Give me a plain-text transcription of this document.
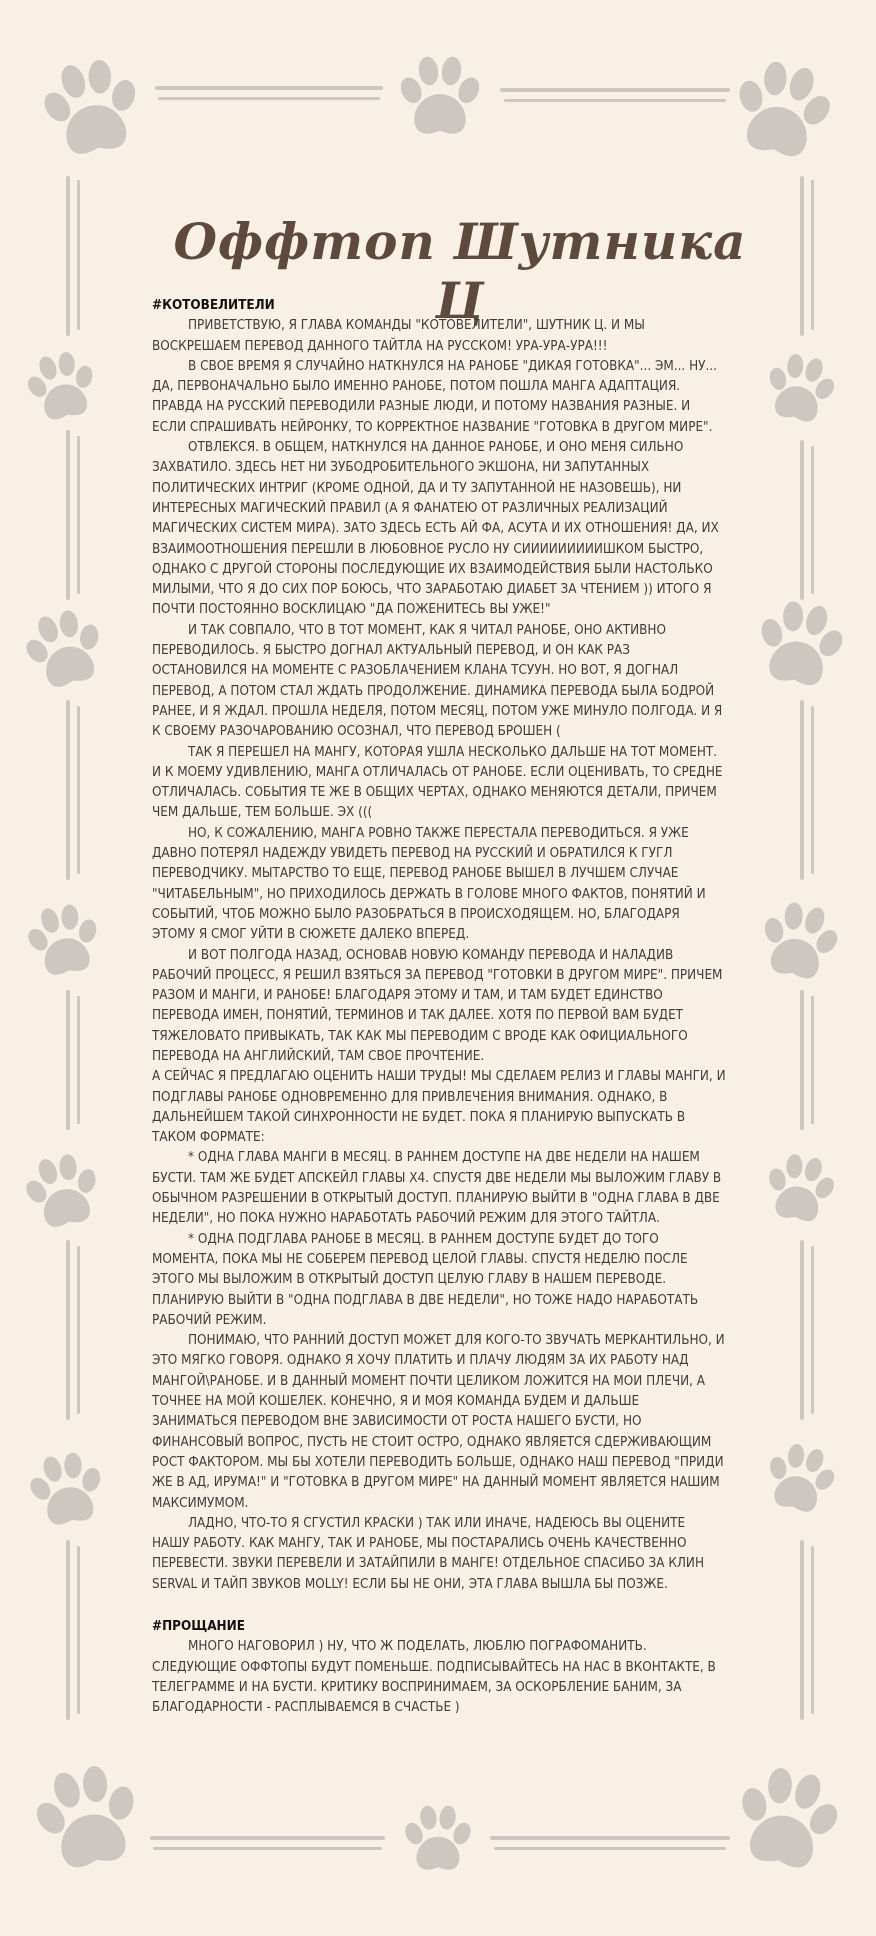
Оффтоп Шутника Ц
#КОТОВЕЛИТЕЛИ

ПРИВЕТСТВУЮ, Я ГЛАВА КОМАНДЫ "КОТОВЕЛИТЕЛИ", ШУТНИК Ц. И МЫ ВОСКРЕШАЕМ ПЕРЕВОД ДАННОГО ТАЙТЛА НА РУССКОМ! УРА-УРА-УРА!!!

В СВОЕ ВРЕМЯ Я СЛУЧАЙНО НАТКНУЛСЯ НА РАНОБЕ "ДИКАЯ ГОТОВКА"... ЭМ... НУ... ДА, ПЕРВОНАЧАЛЬНО БЫЛО ИМЕННО РАНОБЕ, ПОТОМ ПОШЛА МАНГА АДАПТАЦИЯ. ПРАВДА НА РУССКИЙ ПЕРЕВОДИЛИ РАЗНЫЕ ЛЮДИ, И ПОТОМУ НАЗВАНИЯ РАЗНЫЕ. И ЕСЛИ СПРАШИВАТЬ НЕЙРОНКУ, ТО КОРРЕКТНОЕ НАЗВАНИЕ "ГОТОВКА В ДРУГОМ МИРЕ".

ОТВЛЕКСЯ. В ОБЩЕМ, НАТКНУЛСЯ НА ДАННОЕ РАНОБЕ, И ОНО МЕНЯ СИЛЬНО ЗАХВАТИЛО. ЗДЕСЬ НЕТ НИ ЗУБОДРОБИТЕЛЬНОГО ЭКШОНА, НИ ЗАПУТАННЫХ ПОЛИТИЧЕСКИХ ИНТРИГ (КРОМЕ ОДНОЙ, ДА И ТУ ЗАПУТАННОЙ НЕ НАЗОВЕШЬ), НИ ИНТЕРЕСНЫХ МАГИЧЕСКИЙ ПРАВИЛ (А Я ФАНАТЕЮ ОТ РАЗЛИЧНЫХ РЕАЛИЗАЦИЙ МАГИЧЕСКИХ СИСТЕМ МИРА). ЗАТО ЗДЕСЬ ЕСТЬ АЙ ФА, АСУТА И ИХ ОТНОШЕНИЯ! ДА, ИХ ВЗАИМООТНОШЕНИЯ ПЕРЕШЛИ В ЛЮБОВНОЕ РУСЛО НУ СИИИИИИИИИШКОМ БЫСТРО, ОДНАКО С ДРУГОЙ СТОРОНЫ ПОСЛЕДУЮЩИЕ ИХ ВЗАИМОДЕЙСТВИЯ БЫЛИ НАСТОЛЬКО МИЛЫМИ, ЧТО Я ДО СИХ ПОР БОЮСЬ, ЧТО ЗАРАБОТАЮ ДИАБЕТ ЗА ЧТЕНИЕМ )) ИТОГО Я ПОЧТИ ПОСТОЯННО ВОСКЛИЦАЮ "ДА ПОЖЕНИТЕСЬ ВЫ УЖЕ!"

И ТАК СОВПАЛО, ЧТО В ТОТ МОМЕНТ, КАК Я ЧИТАЛ РАНОБЕ, ОНО АКТИВНО ПЕРЕВОДИЛОСЬ. Я БЫСТРО ДОГНАЛ АКТУАЛЬНЫЙ ПЕРЕВОД, И ОН КАК РАЗ ОСТАНОВИЛСЯ НА МОМЕНТЕ С РАЗОБЛАЧЕНИЕМ КЛАНА ТСУУН. НО ВОТ, Я ДОГНАЛ ПЕРЕВОД, А ПОТОМ СТАЛ ЖДАТЬ ПРОДОЛЖЕНИЕ. ДИНАМИКА ПЕРЕВОДА БЫЛА БОДРОЙ РАНЕЕ, И Я ЖДАЛ. ПРОШЛА НЕДЕЛЯ, ПОТОМ МЕСЯЦ, ПОТОМ УЖЕ МИНУЛО ПОЛГОДА. И Я К СВОЕМУ РАЗОЧАРОВАНИЮ ОСОЗНАЛ, ЧТО ПЕРЕВОД БРОШЕН (

ТАК Я ПЕРЕШЕЛ НА МАНГУ, КОТОРАЯ УШЛА НЕСКОЛЬКО ДАЛЬШЕ НА ТОТ МОМЕНТ. И К МОЕМУ УДИВЛЕНИЮ, МАНГА ОТЛИЧАЛАСЬ ОТ РАНОБЕ. ЕСЛИ ОЦЕНИВАТЬ, ТО СРЕДНЕ ОТЛИЧАЛАСЬ. СОБЫТИЯ ТЕ ЖЕ В ОБЩИХ ЧЕРТАХ, ОДНАКО МЕНЯЮТСЯ ДЕТАЛИ, ПРИЧЕМ ЧЕМ ДАЛЬШЕ, ТЕМ БОЛЬШЕ. ЭХ (((

НО, К СОЖАЛЕНИЮ, МАНГА РОВНО ТАКЖЕ ПЕРЕСТАЛА ПЕРЕВОДИТЬСЯ. Я УЖЕ ДАВНО ПОТЕРЯЛ НАДЕЖДУ УВИДЕТЬ ПЕРЕВОД НА РУССКИЙ И ОБРАТИЛСЯ К ГУГЛ ПЕРЕВОДЧИКУ. МЫТАРСТВО ТО ЕЩЕ, ПЕРЕВОД РАНОБЕ ВЫШЕЛ В ЛУЧШЕМ СЛУЧАЕ "ЧИТАБЕЛЬНЫМ", НО ПРИХОДИЛОСЬ ДЕРЖАТЬ В ГОЛОВЕ МНОГО ФАКТОВ, ПОНЯТИЙ И СОБЫТИЙ, ЧТОБ МОЖНО БЫЛО РАЗОБРАТЬСЯ В ПРОИСХОДЯЩЕМ. НО, БЛАГОДАРЯ ЭТОМУ Я СМОГ УЙТИ В СЮЖЕТЕ ДАЛЕКО ВПЕРЕД.

И ВОТ ПОЛГОДА НАЗАД, ОСНОВАВ НОВУЮ КОМАНДУ ПЕРЕВОДА И НАЛАДИВ РАБОЧИЙ ПРОЦЕСС, Я РЕШИЛ ВЗЯТЬСЯ ЗА ПЕРЕВОД "ГОТОВКИ В ДРУГОМ МИРЕ". ПРИЧЕМ РАЗОМ И МАНГИ, И РАНОБЕ! БЛАГОДАРЯ ЭТОМУ И ТАМ, И ТАМ БУДЕТ ЕДИНСТВО ПЕРЕВОДА ИМЕН, ПОНЯТИЙ, ТЕРМИНОВ И ТАК ДАЛЕЕ. ХОТЯ ПО ПЕРВОЙ ВАМ БУДЕТ ТЯЖЕЛОВАТО ПРИВЫКАТЬ, ТАК КАК МЫ ПЕРЕВОДИМ С ВРОДЕ КАК ОФИЦИАЛЬНОГО ПЕРЕВОДА НА АНГЛИЙСКИЙ, ТАМ СВОЕ ПРОЧТЕНИЕ.

А СЕЙЧАС Я ПРЕДЛАГАЮ ОЦЕНИТЬ НАШИ ТРУДЫ! МЫ СДЕЛАЕМ РЕЛИЗ И ГЛАВЫ МАНГИ, И ПОДГЛАВЫ РАНОБЕ ОДНОВРЕМЕННО ДЛЯ ПРИВЛЕЧЕНИЯ ВНИМАНИЯ. ОДНАКО, В ДАЛЬНЕЙШЕМ ТАКОЙ СИНХРОННОСТИ НЕ БУДЕТ. ПОКА Я ПЛАНИРУЮ ВЫПУСКАТЬ В ТАКОМ ФОРМАТЕ:

* ОДНА ГЛАВА МАНГИ В МЕСЯЦ. В РАННЕМ ДОСТУПЕ НА ДВЕ НЕДЕЛИ НА НАШЕМ БУСТИ. ТАМ ЖЕ БУДЕТ АПСКЕЙЛ ГЛАВЫ Х4. СПУСТЯ ДВЕ НЕДЕЛИ МЫ ВЫЛОЖИМ ГЛАВУ В ОБЫЧНОМ РАЗРЕШЕНИИ В ОТКРЫТЫЙ ДОСТУП. ПЛАНИРУЮ ВЫЙТИ В "ОДНА ГЛАВА В ДВЕ НЕДЕЛИ", НО ПОКА НУЖНО НАРАБОТАТЬ РАБОЧИЙ РЕЖИМ ДЛЯ ЭТОГО ТАЙТЛА.

* ОДНА ПОДГЛАВА РАНОБЕ В МЕСЯЦ. В РАННЕМ ДОСТУПЕ БУДЕТ ДО ТОГО МОМЕНТА, ПОКА МЫ НЕ СОБЕРЕМ ПЕРЕВОД ЦЕЛОЙ ГЛАВЫ. СПУСТЯ НЕДЕЛЮ ПОСЛЕ ЭТОГО МЫ ВЫЛОЖИМ В ОТКРЫТЫЙ ДОСТУП ЦЕЛУЮ ГЛАВУ В НАШЕМ ПЕРЕВОДЕ. ПЛАНИРУЮ ВЫЙТИ В "ОДНА ПОДГЛАВА В ДВЕ НЕДЕЛИ", НО ТОЖЕ НАДО НАРАБОТАТЬ РАБОЧИЙ РЕЖИМ.

ПОНИМАЮ, ЧТО РАННИЙ ДОСТУП МОЖЕТ ДЛЯ КОГО-ТО ЗВУЧАТЬ МЕРКАНТИЛЬНО, И ЭТО МЯГКО ГОВОРЯ. ОДНАКО Я ХОЧУ ПЛАТИТЬ И ПЛАЧУ ЛЮДЯМ ЗА ИХ РАБОТУ НАД МАНГОЙ\РАНОБЕ. И В ДАННЫЙ МОМЕНТ ПОЧТИ ЦЕЛИКОМ ЛОЖИТСЯ НА МОИ ПЛЕЧИ, А ТОЧНЕЕ НА МОЙ КОШЕЛЕК. КОНЕЧНО, Я И МОЯ КОМАНДА БУДЕМ И ДАЛЬШЕ ЗАНИМАТЬСЯ ПЕРЕВОДОМ ВНЕ ЗАВИСИМОСТИ ОТ РОСТА НАШЕГО БУСТИ, НО ФИНАНСОВЫЙ ВОПРОС, ПУСТЬ НЕ СТОИТ ОСТРО, ОДНАКО ЯВЛЯЕТСЯ СДЕРЖИВАЮЩИМ РОСТ ФАКТОРОМ. МЫ БЫ ХОТЕЛИ ПЕРЕВОДИТЬ БОЛЬШЕ, ОДНАКО НАШ ПЕРЕВОД "ПРИДИ ЖЕ В АД, ИРУМА!" И "ГОТОВКА В ДРУГОМ МИРЕ" НА ДАННЫЙ МОМЕНТ ЯВЛЯЕТСЯ НАШИМ МАКСИМУМОМ.

ЛАДНО, ЧТО-ТО Я СГУСТИЛ КРАСКИ ) ТАК ИЛИ ИНАЧЕ, НАДЕЮСЬ ВЫ ОЦЕНИТЕ НАШУ РАБОТУ. КАК МАНГУ, ТАК И РАНОБЕ, МЫ ПОСТАРАЛИСЬ ОЧЕНЬ КАЧЕСТВЕННО ПЕРЕВЕСТИ. ЗВУКИ ПЕРЕВЕЛИ И ЗАТАЙПИЛИ В МАНГЕ! ОТДЕЛЬНОЕ СПАСИБО ЗА КЛИН SERVAL И ТАЙП ЗВУКОВ MOLLY! ЕСЛИ БЫ НЕ ОНИ, ЭТА ГЛАВА ВЫШЛА БЫ ПОЗЖЕ.

#ПРОЩАНИЕ

МНОГО НАГОВОРИЛ ) НУ, ЧТО Ж ПОДЕЛАТЬ, ЛЮБЛЮ ПОГРАФОМАНИТЬ. СЛЕДУЮЩИЕ ОФФТОПЫ БУДУТ ПОМЕНЬШЕ. ПОДПИСЫВАЙТЕСЬ НА НАС В ВКОНТАКТЕ, В ТЕЛЕГРАММЕ И НА БУСТИ. КРИТИКУ ВОСПРИНИМАЕМ, ЗА ОСКОРБЛЕНИЕ БАНИМ, ЗА БЛАГОДАРНОСТИ - РАСПЛЫВАЕМСЯ В СЧАСТЬЕ )
